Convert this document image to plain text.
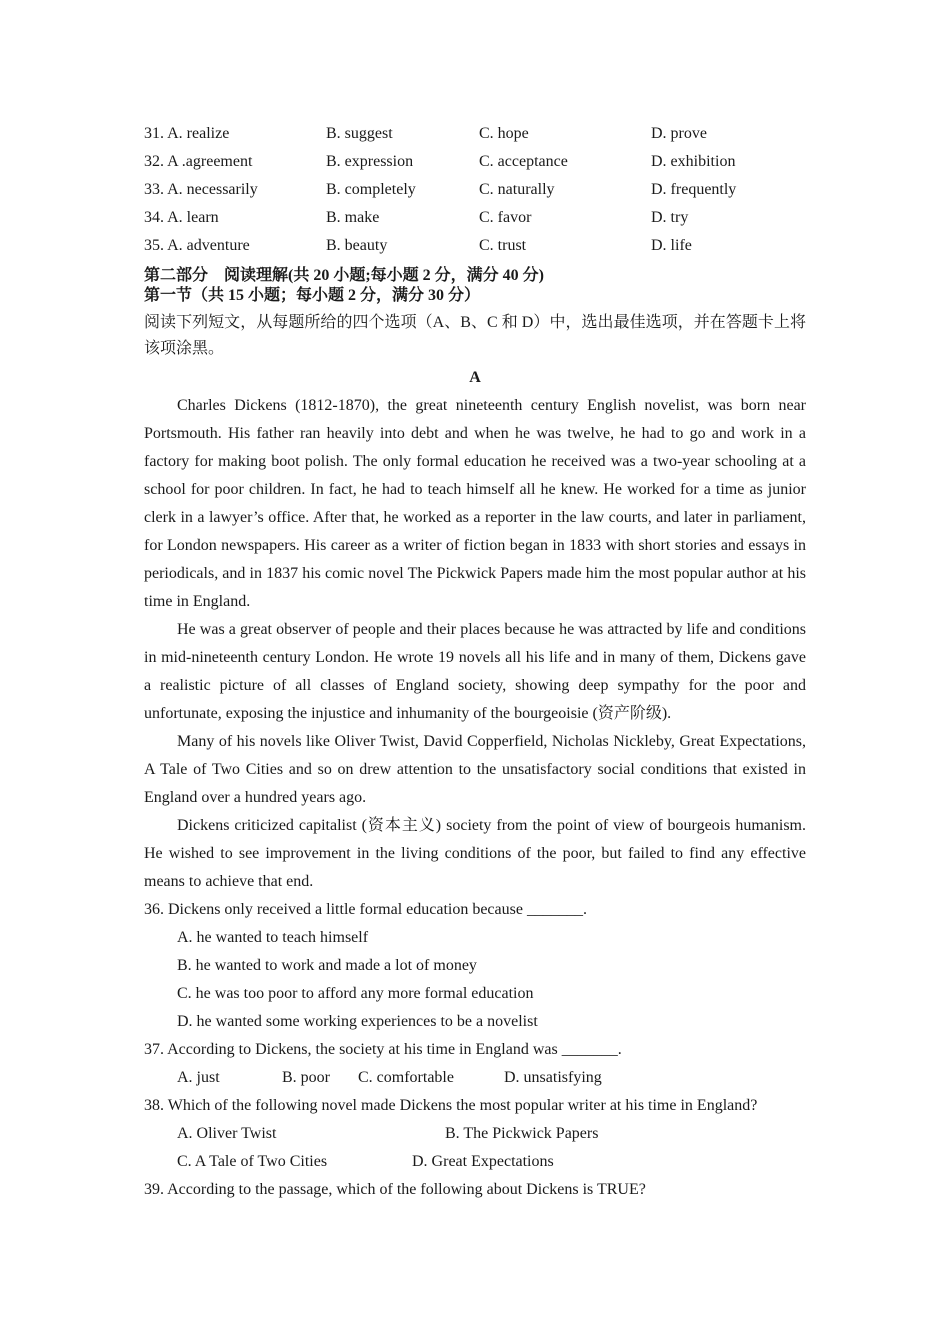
31. A. realize	B. suggest	C. hope	D. prove
32. A .agreement	B. expression	C. acceptance	D. exhibition
33. A. necessarily	B. completely	C. naturally	D. frequently
34. A. learn	B. make	C. favor	D. try
35. A. adventure	B. beauty	C. trust	D. life
第二部分　阅读理解(共 20 小题;每小题 2 分，满分 40 分)
第一节（共 15 小题；每小题 2 分，满分 30 分）
阅读下列短文，从每题所给的四个选项（A、B、C 和 D）中，选出最佳选项，并在答题卡上将该项涂黑。
A

Charles Dickens (1812-1870), the great nineteenth century English novelist, was born near Portsmouth. His father ran heavily into debt and when he was twelve, he had to go and work in a factory for making boot polish. The only formal education he received was a two-year schooling at a school for poor children. In fact, he had to teach himself all he knew. He worked for a time as junior clerk in a lawyer’s office. After that, he worked as a reporter in the law courts, and later in parliament, for London newspapers. His career as a writer of fiction began in 1833 with short stories and essays in periodicals, and in 1837 his comic novel The Pickwick Papers made him the most popular author at his time in England.

He was a great observer of people and their places because he was attracted by life and conditions in mid-nineteenth century London. He wrote 19 novels all his life and in many of them, Dickens gave a realistic picture of all classes of England society, showing deep sympathy for the poor and unfortunate, exposing the injustice and inhumanity of the bourgeoisie (资产阶级).

Many of his novels like Oliver Twist, David Copperfield, Nicholas Nickleby, Great Expectations, A Tale of Two Cities and so on drew attention to the unsatisfactory social conditions that existed in England over a hundred years ago.

Dickens criticized capitalist (资本主义) society from the point of view of bourgeois humanism. He wished to see improvement in the living conditions of the poor, but failed to find any effective means to achieve that end.

36. Dickens only received a little formal education because _______.

A. he wanted to teach himself

B. he wanted to work and made a lot of money

C. he was too poor to afford any more formal education

D. he wanted some working experiences to be a novelist

37. According to Dickens, the society at his time in England was _______.

A. just	B. poor C. comfortable	D. unsatisfying

38. Which of the following novel made Dickens the most popular writer at his time in England?

A. Oliver Twist	B. The Pickwick Papers
C. A Tale of Two Cities	D. Great Expectations

39. According to the passage, which of the following about Dickens is TRUE?
